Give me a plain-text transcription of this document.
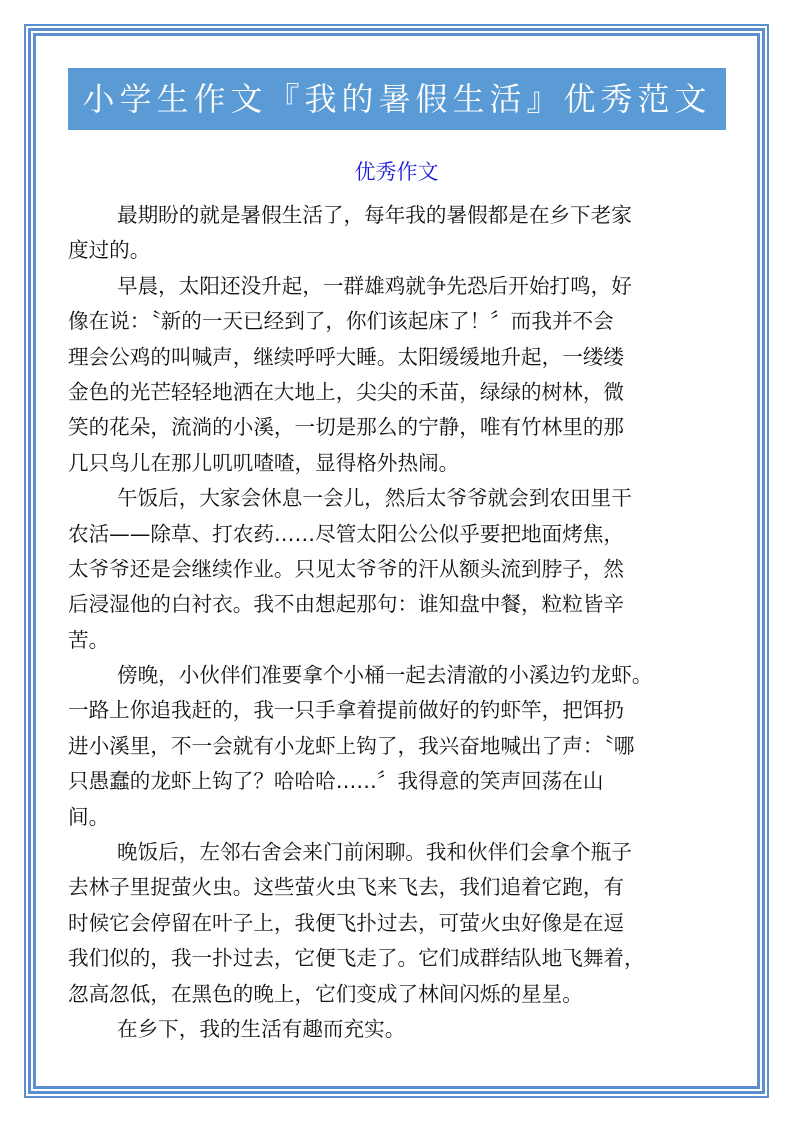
小学生作文『我的暑假生活』优秀范文
优秀作文
最期盼的就是暑假生活了，每年我的暑假都是在乡下老家
度过的。
早晨，太阳还没升起，一群雄鸡就争先恐后开始打鸣，好
像在说：〝新的一天已经到了，你们该起床了！〞而我并不会
理会公鸡的叫喊声，继续呼呼大睡。太阳缓缓地升起，一缕缕
金色的光芒轻轻地洒在大地上，尖尖的禾苗，绿绿的树林，微
笑的花朵，流淌的小溪，一切是那么的宁静，唯有竹林里的那
几只鸟儿在那儿叽叽喳喳，显得格外热闹。
午饭后，大家会休息一会儿，然后太爷爷就会到农田里干
农活——除草、打农药……尽管太阳公公似乎要把地面烤焦，
太爷爷还是会继续作业。只见太爷爷的汗从额头流到脖子，然
后浸湿他的白衬衣。我不由想起那句：谁知盘中餐，粒粒皆辛
苦。
傍晚，小伙伴们准要拿个小桶一起去清澈的小溪边钓龙虾。
一路上你追我赶的，我一只手拿着提前做好的钓虾竿，把饵扔
进小溪里，不一会就有小龙虾上钩了，我兴奋地喊出了声：〝哪
只愚蠢的龙虾上钩了？哈哈哈……〞我得意的笑声回荡在山
间。
晚饭后，左邻右舍会来门前闲聊。我和伙伴们会拿个瓶子
去林子里捉萤火虫。这些萤火虫飞来飞去，我们追着它跑，有
时候它会停留在叶子上，我便飞扑过去，可萤火虫好像是在逗
我们似的，我一扑过去，它便飞走了。它们成群结队地飞舞着，
忽高忽低，在黑色的晚上，它们变成了林间闪烁的星星。
在乡下，我的生活有趣而充实。
